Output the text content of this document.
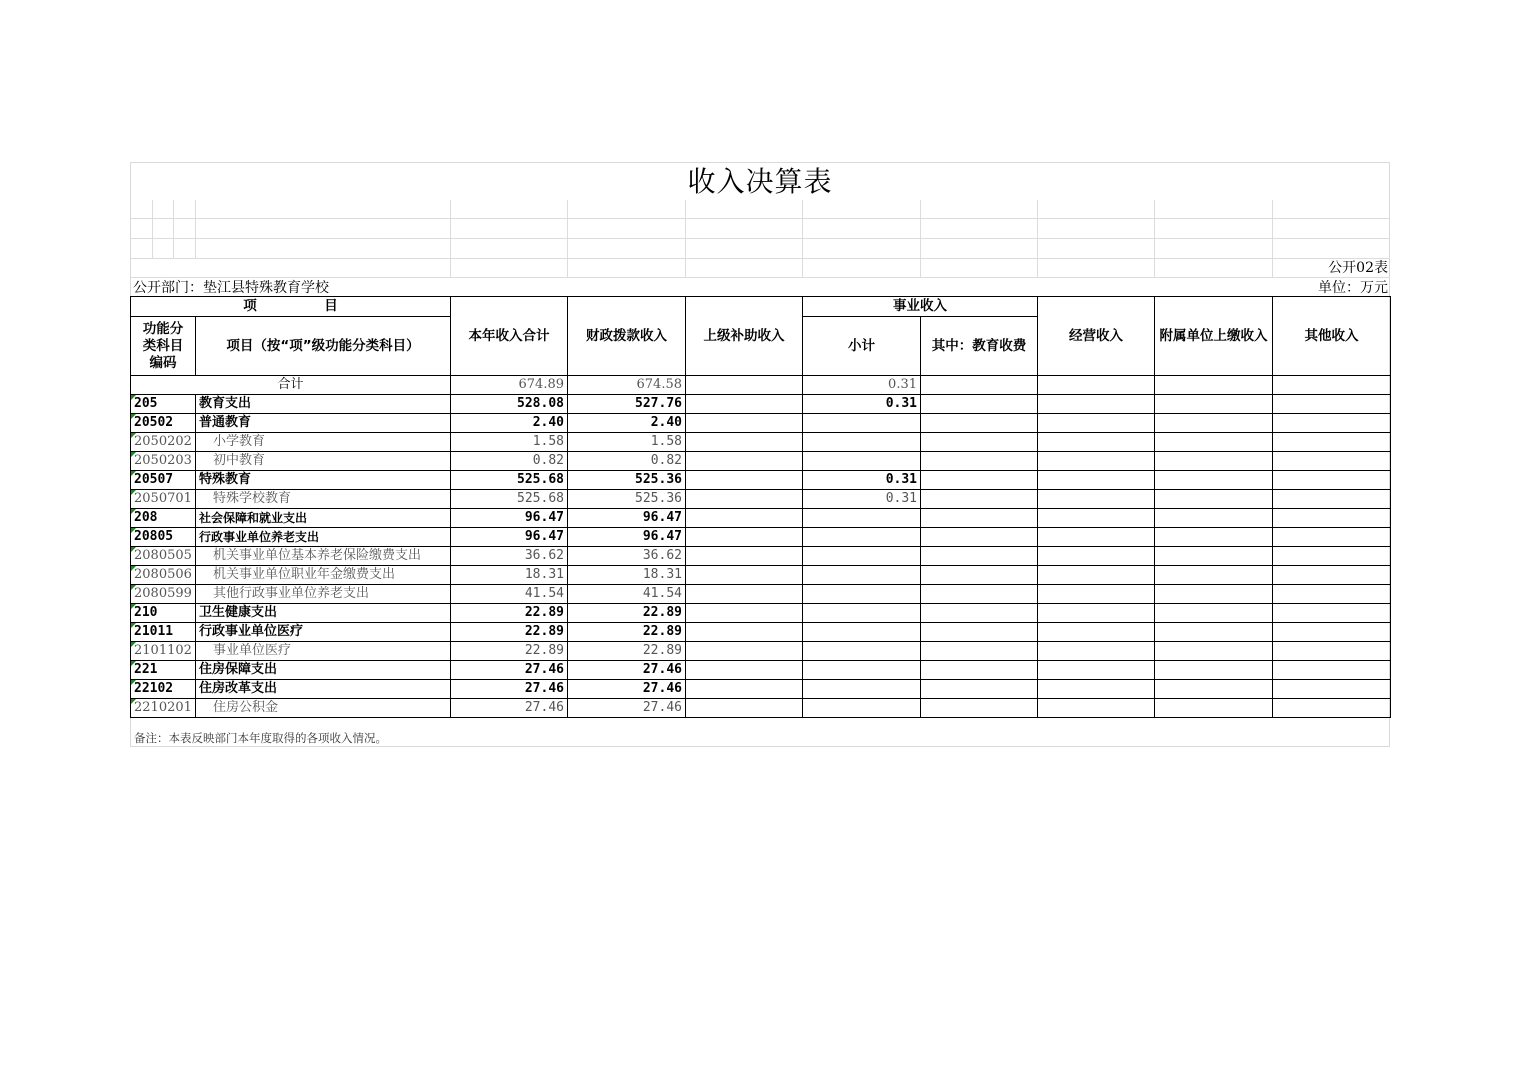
收入决算表
公开02表
公开部门：垫江县特殊教育学校	单位：万元
项　　　　　目		本年收入合计	财政拨款收入	上级补助收入	事业收入		经营收入	附属单位上缴收入	其他收入
功能分类科目编码	项目（按“项”级功能分类科目）				小计	其中：教育收费			
合计		674.89	674.58		0.31				
205	教育支出	528.08	527.76		0.31				
20502	普通教育	2.40	2.40						
2050202	小学教育	1.58	1.58						
2050203	初中教育	0.82	0.82						
20507	特殊教育	525.68	525.36		0.31				
2050701	特殊学校教育	525.68	525.36		0.31				
208	社会保障和就业支出	96.47	96.47						
20805	行政事业单位养老支出	96.47	96.47						
2080505	机关事业单位基本养老保险缴费支出	36.62	36.62						
2080506	机关事业单位职业年金缴费支出	18.31	18.31						
2080599	其他行政事业单位养老支出	41.54	41.54						
210	卫生健康支出	22.89	22.89						
21011	行政事业单位医疗	22.89	22.89						
2101102	事业单位医疗	22.89	22.89						
221	住房保障支出	27.46	27.46						
22102	住房改革支出	27.46	27.46						
2210201	住房公积金	27.46	27.46						
备注：本表反映部门本年度取得的各项收入情况。
